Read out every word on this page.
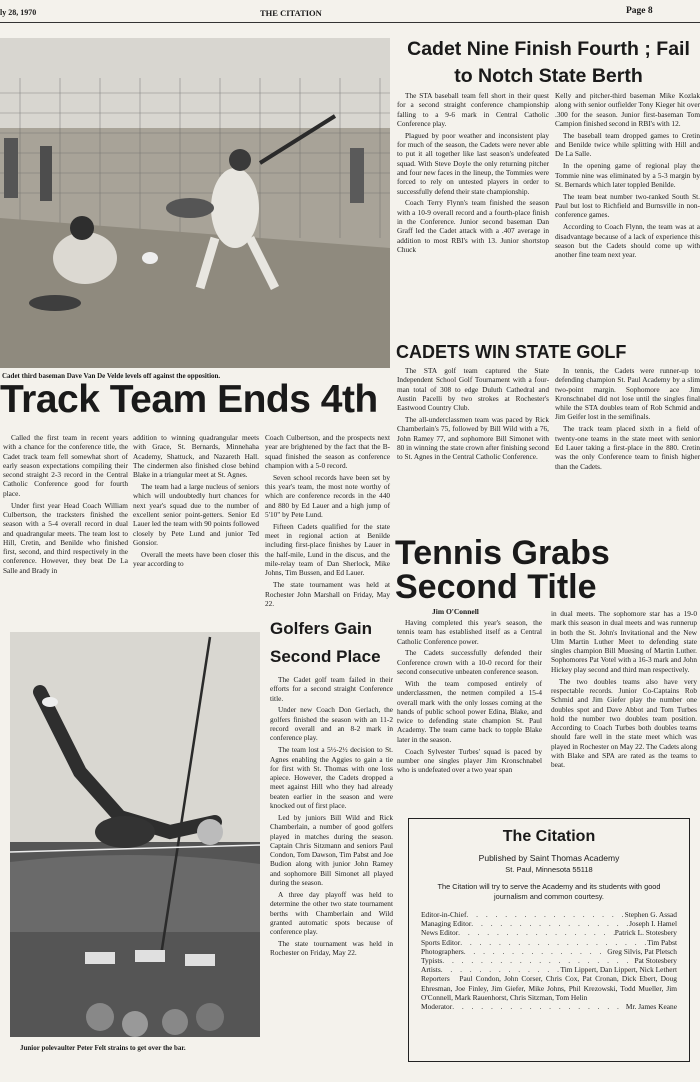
ly 28, 1970	THE CITATION	Page 8
Cadet third baseman Dave Van De Velde levels off against the opposition.
Cadet Nine Finish Fourth ; Fail to Notch State Berth

The STA baseball team fell short in their quest for a second straight conference championship falling to a 9-6 mark in Central Catholic Conference play.

Plagued by poor weather and inconsistent play for much of the season, the Cadets were never able to put it all together like last season's undefeated squad. With Steve Doyle the only returning pitcher and four new faces in the lineup, the Tommies were forced to rely on untested players in order to successfully defend their state championship.

Coach Terry Flynn's team finished the season with a 10-9 overall record and a fourth-place finish in the Conference. Junior second baseman Dan Graff led the Cadet attack with a .407 average in addition to most RBI's with 13. Junior shortstop Chuck

Kelly and pitcher-third baseman Mike Kozlak along with senior outfielder Tony Kieger hit over .300 for the season. Junior first-baseman Tom Campion finished second in RBI's with 12.

The baseball team dropped games to Cretin and Benilde twice while splitting with Hill and De La Salle.

In the opening game of regional play the Tommie nine was eliminated by a 5-3 margin by St. Bernards which later toppled Benilde.

The team beat number two-ranked South St. Paul but lost to Richfield and Burnsville in non-conference games.

According to Coach Flynn, the team was at a disadvantage because of a lack of experience this season but the Cadets should come up with another fine team next year.

CADETS WIN STATE GOLF

The STA golf team captured the State Independent School Golf Tournament with a four-man total of 308 to edge Duluth Cathedral and Austin Pacelli by two strokes at Rochester's Eastwood Country Club.

The all-underclassmen team was paced by Rick Chamberlain's 75, followed by Bill Wild with a 76, John Ramey 77, and sophomore Bill Simonet with 80 in winning the state crown after finishing second to St. Agnes in the Central Catholic Conference.

In tennis, the Cadets were runner-up to defending champion St. Paul Academy by a slim two-point margin. Sophomore ace Jim Kronschnabel did not lose until the singles final while the STA doubles team of Rob Schmid and Jim Geifer lost in the semifinals.

The track team placed sixth in a field of twenty-one teams in the state meet with senior Ed Lauer taking a first-place in the 880. Cretin was the only Conference team to finish higher than the Cadets.

Track Team Ends 4th

Called the first team in recent years with a chance for the conference title, the Cadet track team fell somewhat short of early season expectations compiling their second straight 2-3 record in the Central Catholic Conference good for fourth place.

Under first year Head Coach William Culbertson, the tracksters finished the season with a 5-4 overall record in dual and quadrangular meets. The team lost to Hill, Cretin, and Benilde who finished first, second, and third respectively in the conference. However, they beat De La Salle and Brady in

addition to winning quadrangular meets with Grace, St. Bernards, Minnehaha Academy, Shattuck, and Nazareth Hall. The cindermen also finished close behind Blake in a triangular meet at St. Agnes.

The team had a large nucleus of seniors which will undoubtedly hurt chances for next year's squad due to the number of excellent senior point-getters. Senior Ed Lauer led the team with 90 points followed closely by Pete Lund and junior Ted Gonsior.

Overall the meets have been closer this year according to

Coach Culbertson, and the prospects next year are brightened by the fact that the B-squad finished the season as conference champion with a 5-0 record.

Seven school records have been set by this year's team, the most note worthy of which are conference records in the 440 and 880 by Ed Lauer and a high jump of 5'10" by Pete Lund.

Fifteen Cadets qualified for the state meet in regional action at Benilde including first-place finishes by Lauer in the half-mile, Lund in the discus, and the mile-relay team of Dan Sherlock, Mike Johns, Tim Bussen, and Ed Lauer.

The state tournament was held at Rochester John Marshall on Friday, May 22.

Junior polevaulter Peter Felt strains to get over the bar.
Golfers Gain Second Place

The Cadet golf team failed in their efforts for a second straight Conference title.

Under new Coach Don Gerlach, the golfers finished the season with an 11-2 record overall and an 8-2 mark in conference play.

The team lost a 5½-2½ decision to St. Agnes enabling the Aggies to gain a tie for first with St. Thomas with one loss apiece. However, the Cadets dropped a meet against Hill who they had already beaten earlier in the season and were knocked out of first place.

Led by juniors Bill Wild and Rick Chamberlain, a number of good golfers played in matches during the season. Captain Chris Sitzmann and seniors Paul Condon, Tom Dawson, Tim Pabst and Joe Budion along with junior John Ramey and sophomore Bill Simonet all played during the season.

A three day playoff was held to determine the other two state tournament berths with Chamberlain and Wild granted automatic spots because of conference play.

The state tournament was held in Rochester on Friday, May 22.

Tennis Grabs
Second Title
Jim O'Connell

Having completed this year's season, the tennis team has established itself as a Central Catholic Conference power.

The Cadets successfully defended their Conference crown with a 10-0 record for their second consecutive unbeaten conference season.

With the team composed entirely of underclassmen, the netmen compiled a 15-4 overall mark with the only losses coming at the hands of public school power Edina, Blake, and twice to defending state champion St. Paul Academy. The team came back to topple Blake later in the season.

Coach Sylvester Turbes' squad is paced by number one singles player Jim Kronschnabel who is undefeated over a two year span

in dual meets. The sophomore star has a 19-0 mark this season in dual meets and was runnerup in both the St. John's Invitational and the New Ulm Martin Luther Meet to defending state singles champion Bill Muesing of Martin Luther. Sophomores Pat Votel with a 16-3 mark and John Hickey play second and third man respectively.

The two doubles teams also have very respectable records. Junior Co-Captains Rob Schmid and Jim Giefer play the number one doubles spot and Dave Abbot and Tom Turbes hold the number two doubles team position. According to Coach Turbes both doubles teams should fare well in the state meet which was played in Rochester on May 22. The Cadets along with Blake and SPA are rated as the teams to beat.

The Citation
Published by Saint Thomas Academy
St. Paul, Minnesota 55118
The Citation will try to serve the Academy and its students with good journalism and common courtesy.
Editor-in-Chief . . .	Stephen G. Assad
Managing Editor . . .	Joseph I. Hamel
News Editor . . .	Patrick L. Stotesbery
Sports Editor . . .	Tim Pabst
Photographers . . .	Greg Silvis, Pat Pletsch
Typists . . .	Pat Stotesbery
Artists . . .	Tim Lippert, Dan Lippert, Nick Lethert
Reporters Paul Condon, John Corser, Chris Cox, Pat Cronan, Dick Ebert, Doug Ehresman, Joe Finley, Jim Giefer, Mike Johns, Phil Krezowski, Todd Mueller, Jim O'Connell, Mark Rauenhorst, Chris Sitzman, Tom Helin
Moderator . . .	Mr. James Keane
